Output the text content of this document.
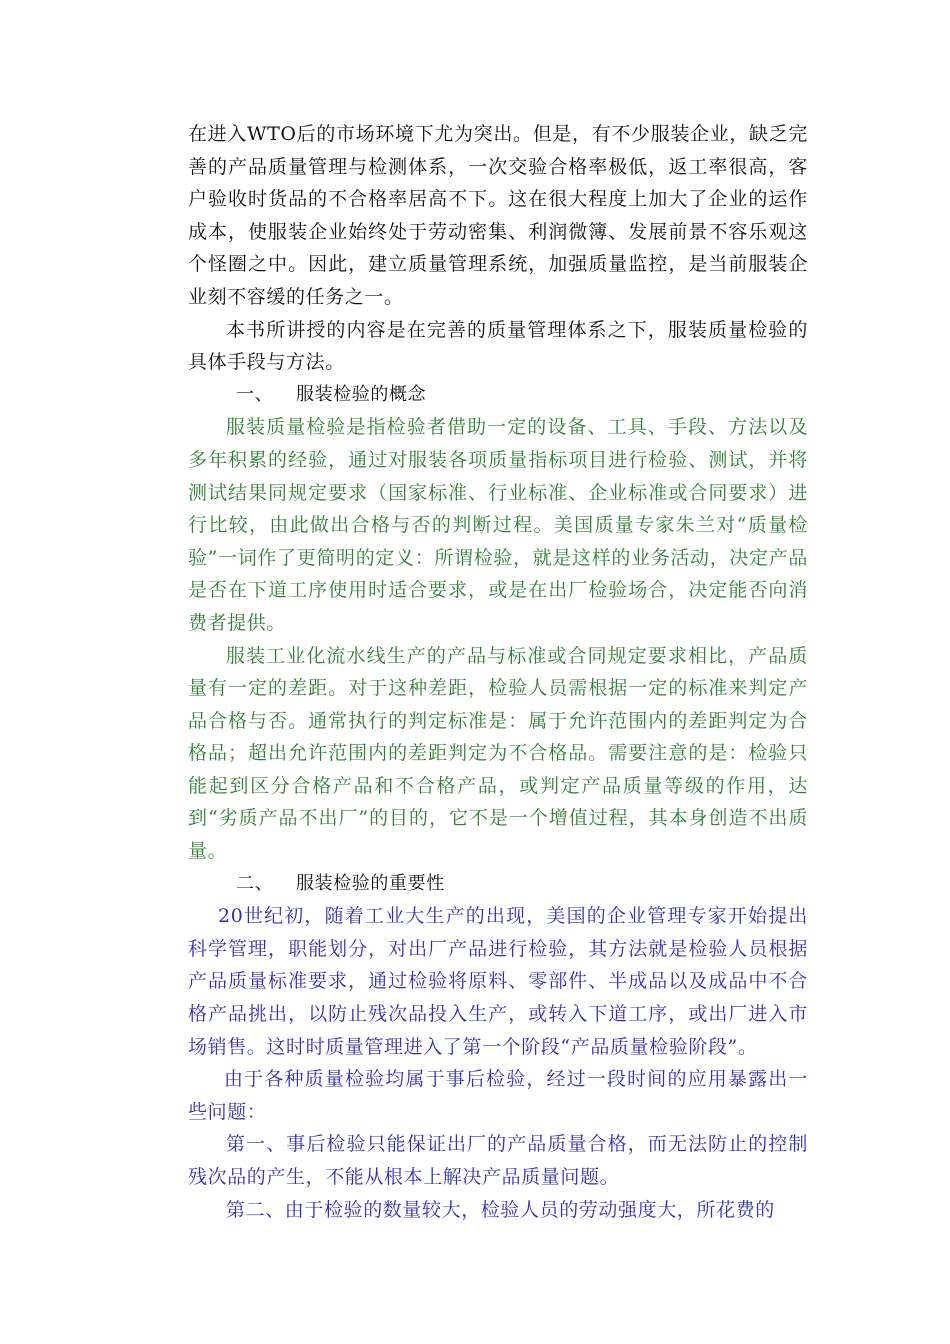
在进入WTO后的市场环境下尤为突出。但是，有不少服装企业，缺乏完善的产品质量管理与检测体系，一次交验合格率极低，返工率很高，客户验收时货品的不合格率居高不下。这在很大程度上加大了企业的运作成本，使服装企业始终处于劳动密集、利润微簿、发展前景不容乐观这个怪圈之中。因此，建立质量管理系统，加强质量监控，是当前服装企业刻不容缓的任务之一。

本书所讲授的内容是在完善的质量管理体系之下，服装质量检验的具体手段与方法。

一、 服装检验的概念

服装质量检验是指检验者借助一定的设备、工具、手段、方法以及多年积累的经验，通过对服装各项质量指标项目进行检验、测试，并将测试结果同规定要求（国家标准、行业标准、企业标准或合同要求）进行比较，由此做出合格与否的判断过程。美国质量专家朱兰对“质量检验”一词作了更简明的定义：所谓检验，就是这样的业务活动，决定产品是否在下道工序使用时适合要求，或是在出厂检验场合，决定能否向消费者提供。

服装工业化流水线生产的产品与标准或合同规定要求相比，产品质量有一定的差距。对于这种差距，检验人员需根据一定的标准来判定产品合格与否。通常执行的判定标准是：属于允许范围内的差距判定为合格品；超出允许范围内的差距判定为不合格品。需要注意的是：检验只能起到区分合格产品和不合格产品，或判定产品质量等级的作用，达到“劣质产品不出厂”的目的，它不是一个增值过程，其本身创造不出质量。

二、 服装检验的重要性

20世纪初，随着工业大生产的出现，美国的企业管理专家开始提出科学管理，职能划分，对出厂产品进行检验，其方法就是检验人员根据产品质量标准要求，通过检验将原料、零部件、半成品以及成品中不合格产品挑出，以防止残次品投入生产，或转入下道工序，或出厂进入市场销售。这时时质量管理进入了第一个阶段“产品质量检验阶段”。

由于各种质量检验均属于事后检验，经过一段时间的应用暴露出一些问题：

第一、事后检验只能保证出厂的产品质量合格，而无法防止的控制残次品的产生，不能从根本上解决产品质量问题。

第二、由于检验的数量较大，检验人员的劳动强度大，所花费的
